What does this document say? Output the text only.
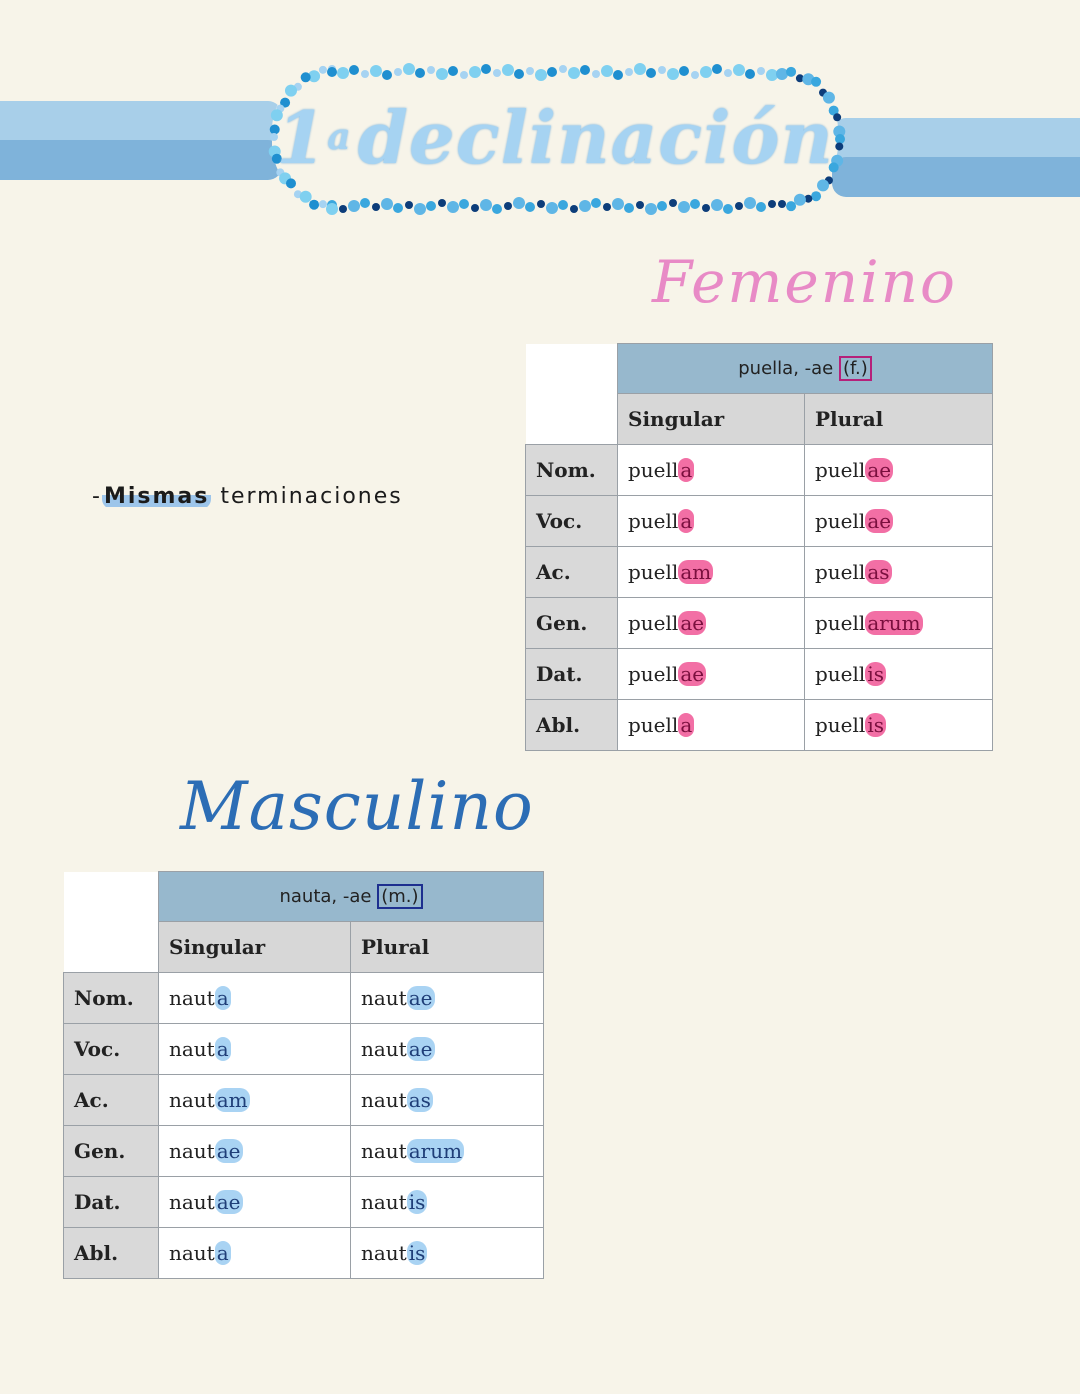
1 a declinación
Femenino
Masculino
-Mismas terminaciones
	puella, -ae (f.)	
	Singular	Plural
Nom.	puell a	puell ae
Voc.	puell a	puell ae
Ac.	puell am	puell as
Gen.	puell ae	puell arum
Dat.	puell ae	puell is
Abl.	puell a	puell is
	nauta, -ae (m.)	
	Singular	Plural
Nom.	naut a	naut ae
Voc.	naut a	naut ae
Ac.	naut am	naut as
Gen.	naut ae	naut arum
Dat.	naut ae	naut is
Abl.	naut a	naut is
